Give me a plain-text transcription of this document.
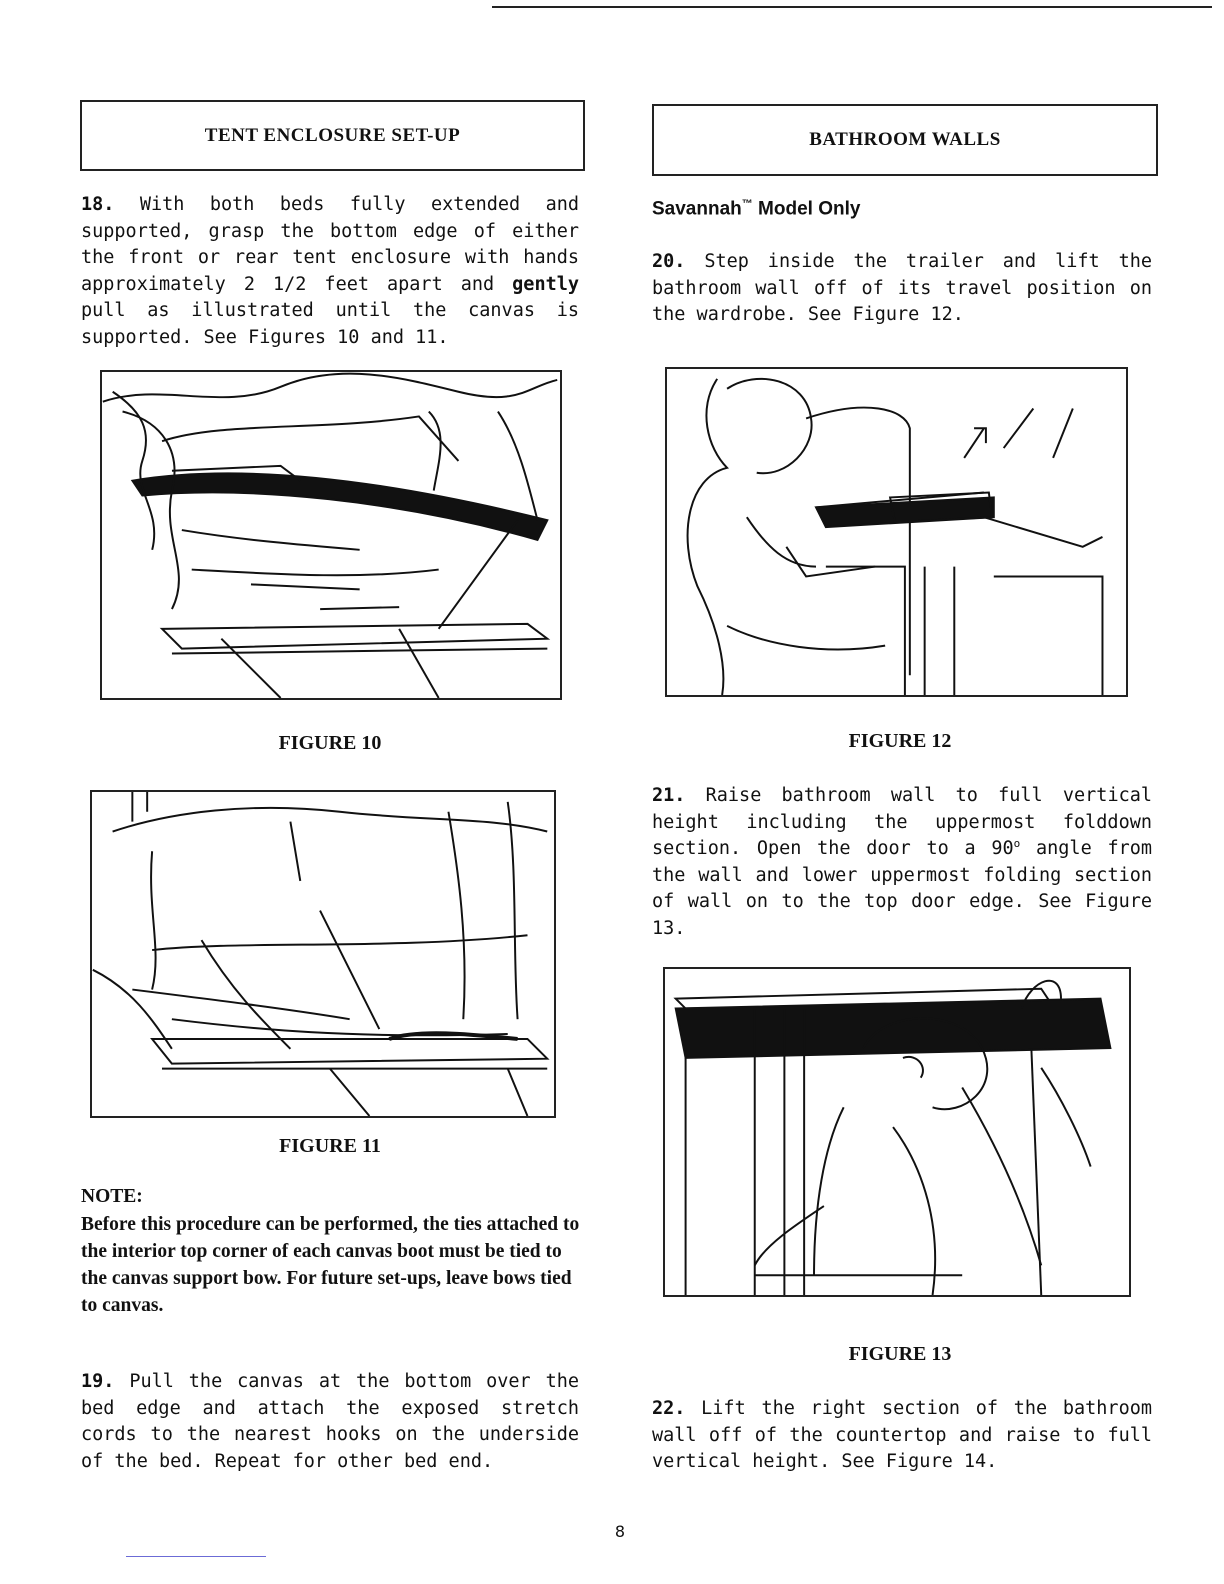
TENT ENCLOSURE SET-UP

18. With both beds fully extended and supported, grasp the bottom edge of either the front or rear tent enclosure with hands approximately 2 1/2 feet apart and gently pull as illustrated until the canvas is supported. See Figures 10 and 11.

FIGURE 10
FIGURE 11
NOTE:
Before this procedure can be performed, the ties attached to the interior top corner of each canvas boot must be tied to the canvas support bow. For future set-ups, leave bows tied to canvas.

19. Pull the canvas at the bottom over the bed edge and attach the exposed stretch cords to the nearest hooks on the underside of the bed. Repeat for other bed end.

BATHROOM WALLS
Savannah™ Model Only

20. Step inside the trailer and lift the bathroom wall off of its travel position on the wardrobe. See Figure 12.

FIGURE 12

21. Raise bathroom wall to full vertical height including the uppermost folddown section. Open the door to a 90$^o$ angle from the wall and lower uppermost folding section of wall on to the top door edge. See Figure 13.

FIGURE 13

22. Lift the right section of the bathroom wall off of the countertop and raise to full vertical height. See Figure 14.

8
